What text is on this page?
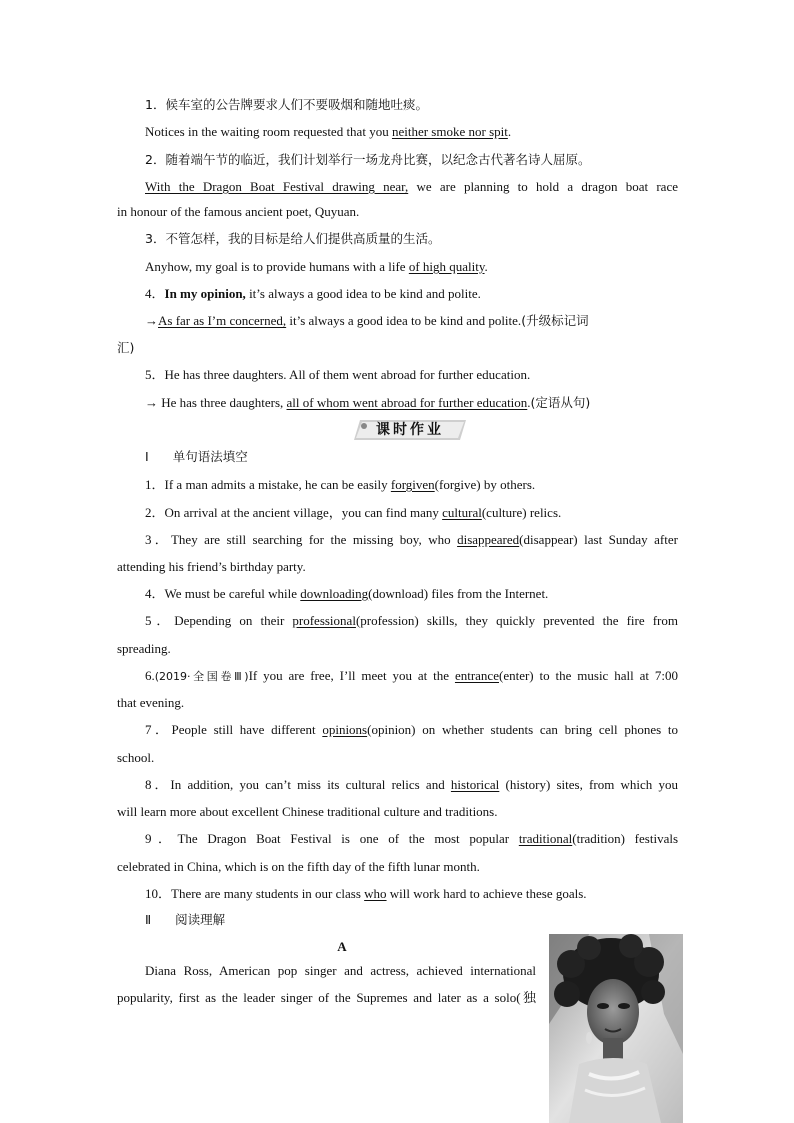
1．候车室的公告牌要求人们不要吸烟和随地吐痰。
Notices in the waiting room requested that you neither smoke nor spit.
2．随着端午节的临近，我们计划举行一场龙舟比赛，以纪念古代著名诗人屈原。
With the Dragon Boat Festival drawing near, we are planning to hold a dragon boat race
in honour of the famous ancient poet, Quyuan.
3．不管怎样，我的目标是给人们提供高质量的生活。
Anyhow, my goal is to provide humans with a life of high quality.
4．In my opinion, it’s always a good idea to be kind and polite.
→As far as I’m concerned, it’s always a good idea to be kind and polite.(升级标记词
汇)
5．He has three daughters. All of them went abroad for further education.
→ He has three daughters, all of whom went abroad for further education.(定语从句)
课时作业
Ⅰ 单句语法填空
1．If a man admits a mistake, he can be easily forgiven(forgive) by others.
2．On arrival at the ancient village，you can find many cultural(culture) relics.
3．They are still searching for the missing boy, who disappeared(disappear) last Sunday after
attending his friend’s birthday party.
4．We must be careful while downloading(download) files from the Internet.
5．Depending on their professional(profession) skills, they quickly prevented the fire from
spreading.
6.(2019·全国卷Ⅲ)If you are free, I’ll meet you at the entrance(enter) to the music hall at 7:00
that evening.
7．People still have different opinions(opinion) on whether students can bring cell phones to
school.
8．In addition, you can’t miss its cultural relics and historical (history) sites, from which you
will learn more about excellent Chinese traditional culture and traditions.
9．The Dragon Boat Festival is one of the most popular traditional(tradition) festivals
celebrated in China, which is on the fifth day of the fifth lunar month.
10．There are many students in our class who will work hard to achieve these goals.
Ⅱ 阅读理解
A
Diana Ross, American pop singer and actress, achieved international
popularity, first as the leader singer of the Supremes and later as a solo(独
